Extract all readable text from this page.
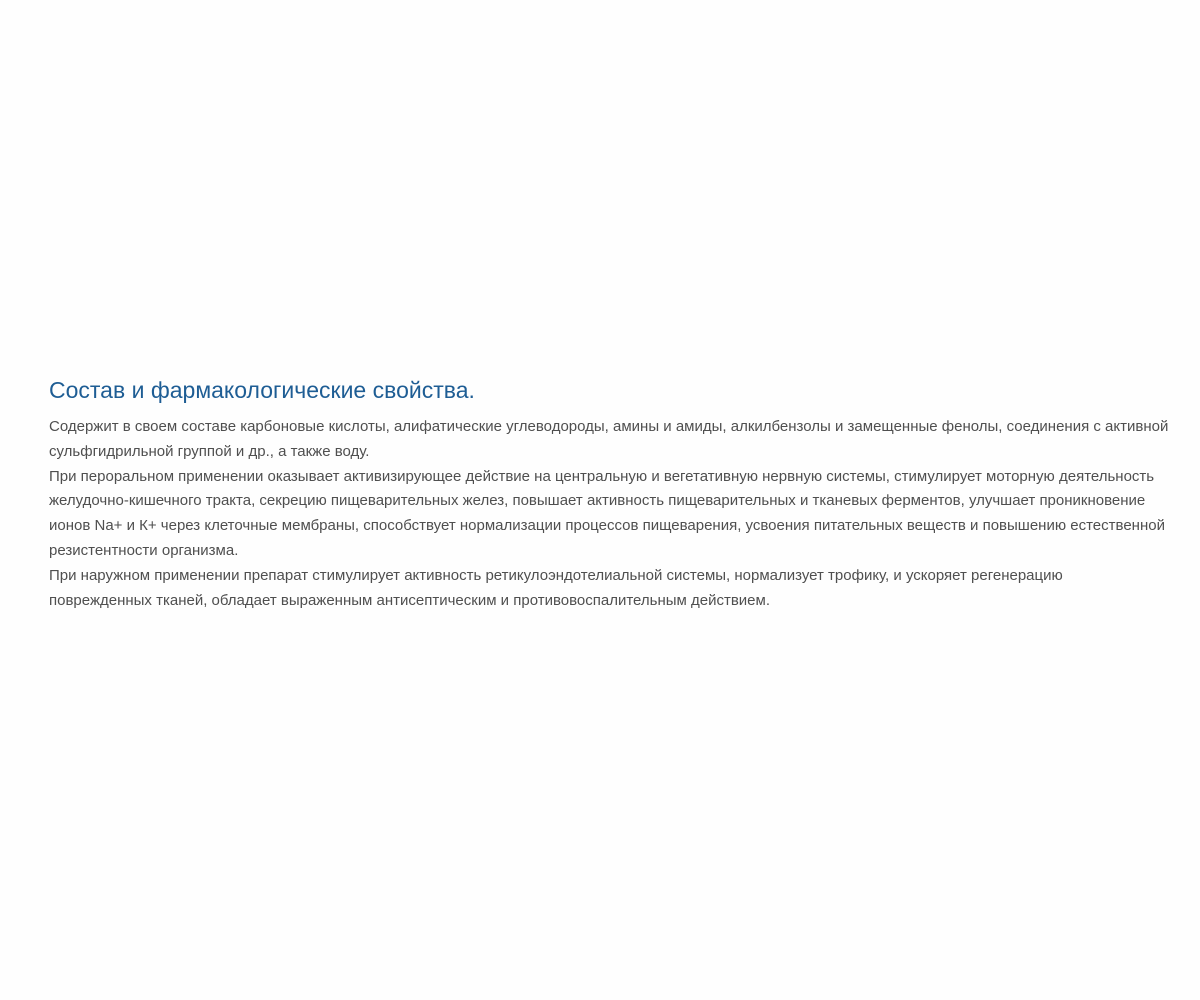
Состав и фармакологические свойства.

Содержит в своем составе карбоновые кислоты, алифатические углеводороды, амины и амиды, алкилбензолы и замещенные фенолы, соединения с активной сульфгидрильной группой и др., а также воду.

При пероральном применении оказывает активизирующее действие на центральную и вегетативную нервную системы, стимулирует моторную деятельность желудочно-кишечного тракта, секрецию пищеварительных желез, повышает активность пищеварительных и тканевых ферментов, улучшает проникновение ионов Na+ и К+ через клеточные мембраны, способствует нормализации процессов пищеварения, усвоения питательных веществ и повышению естественной резистентности организма.

При наружном применении препарат стимулирует активность ретикулоэндотелиальной системы, нормализует трофику, и ускоряет регенерацию поврежденных тканей, обладает выраженным антисептическим и противовоспалительным действием.
